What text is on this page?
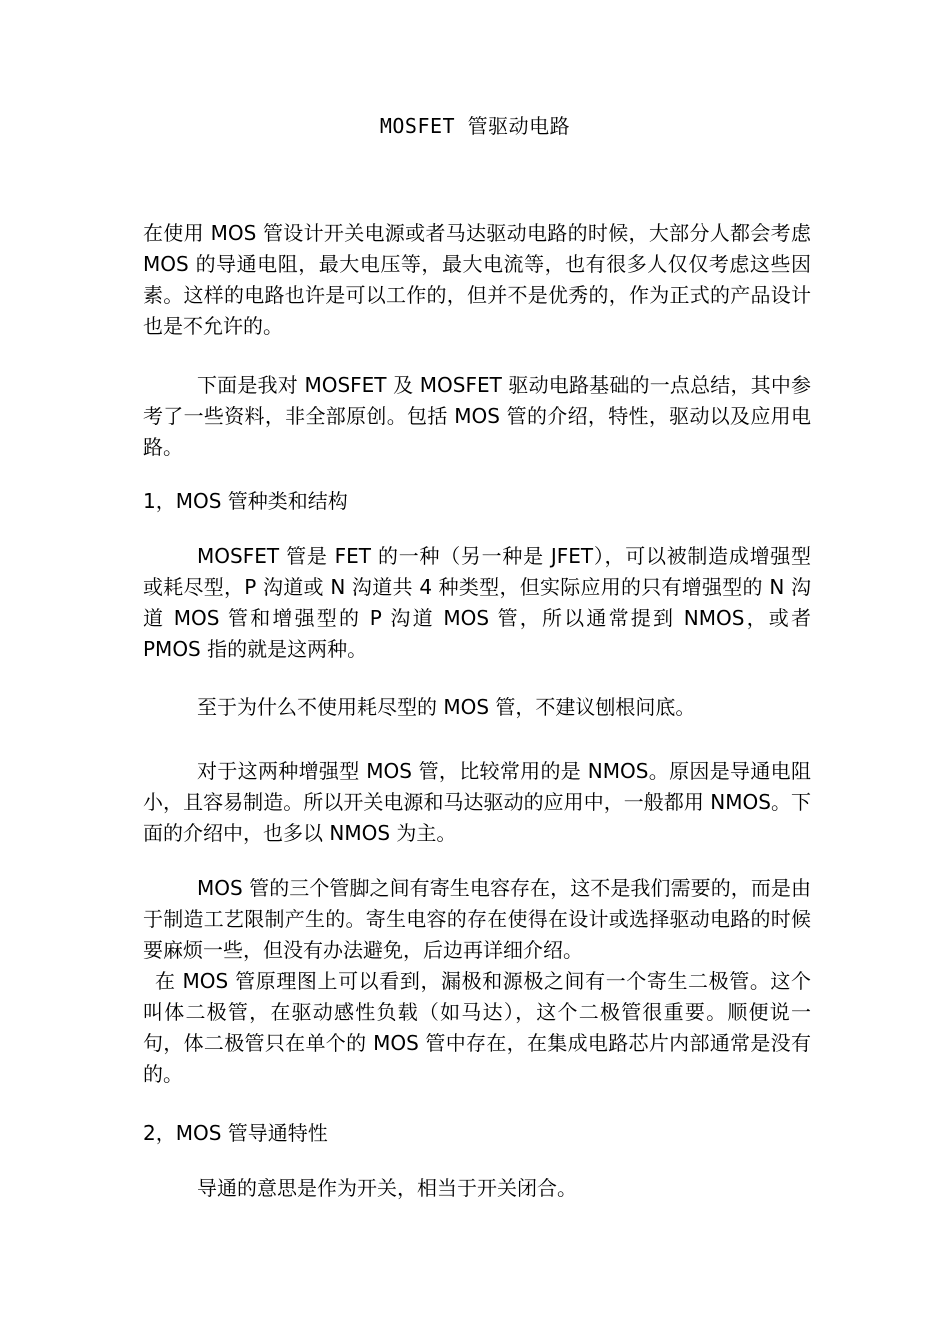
MOSFET 管驱动电路

在使用 MOS 管设计开关电源或者马达驱动电路的时候，大部分人都会考虑 MOS 的导通电阻，最大电压等，最大电流等，也有很多人仅仅考虑这些因素。这样的电路也许是可以工作的，但并不是优秀的，作为正式的产品设计也是不允许的。

下面是我对 MOSFET 及 MOSFET 驱动电路基础的一点总结，其中参考了一些资料，非全部原创。包括 MOS 管的介绍，特性，驱动以及应用电路。

1，MOS 管种类和结构

MOSFET 管是 FET 的一种（另一种是 JFET），可以被制造成增强型或耗尽型，P 沟道或 N 沟道共 4 种类型，但实际应用的只有增强型的 N 沟道 MOS 管和增强型的 P 沟道 MOS 管，所以通常提到 NMOS，或者 PMOS 指的就是这两种。

至于为什么不使用耗尽型的 MOS 管，不建议刨根问底。

对于这两种增强型 MOS 管，比较常用的是 NMOS。原因是导通电阻小，且容易制造。所以开关电源和马达驱动的应用中，一般都用 NMOS。下面的介绍中，也多以 NMOS 为主。

MOS 管的三个管脚之间有寄生电容存在，这不是我们需要的，而是由于制造工艺限制产生的。寄生电容的存在使得在设计或选择驱动电路的时候要麻烦一些，但没有办法避免，后边再详细介绍。

在 MOS 管原理图上可以看到，漏极和源极之间有一个寄生二极管。这个叫体二极管，在驱动感性负载（如马达），这个二极管很重要。顺便说一句，体二极管只在单个的 MOS 管中存在，在集成电路芯片内部通常是没有的。

2，MOS 管导通特性

导通的意思是作为开关，相当于开关闭合。
